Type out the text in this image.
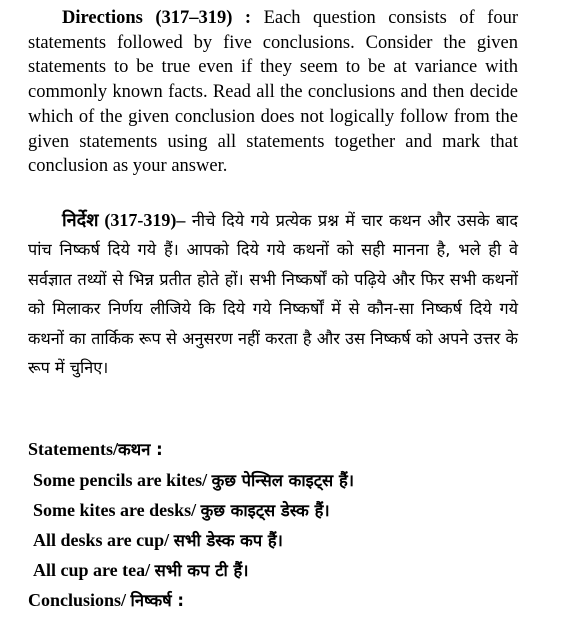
Directions (317–319) : Each question consists of four statements followed by five conclusions. Consider the given statements to be true even if they seem to be at variance with commonly known facts. Read all the conclusions and then decide which of the given conclusion does not logically follow from the given statements using all statements together and mark that conclusion as your answer.
निर्देश (317-319)– नीचे दिये गये प्रत्येक प्रश्न में चार कथन और उसके बाद पांच निष्कर्ष दिये गये हैं। आपको दिये गये कथनों को सही मानना है, भले ही वे सर्वज्ञात तथ्यों से भिन्न प्रतीत होते हों। सभी निष्कर्षों को पढ़िये और फिर सभी कथनों को मिलाकर निर्णय लीजिये कि दिये गये निष्कर्षों में से कौन-सा निष्कर्ष दिये गये कथनों का तार्किक रूप से अनुसरण नहीं करता है और उस निष्कर्ष को अपने उत्तर के रूप में चुनिए।
Statements/कथन :
Some pencils are kites/ कुछ पेन्सिल काइट्स हैं।
Some kites are desks/ कुछ काइट्स डेस्क हैं।
All desks are cup/ सभी डेस्क कप हैं।
All cup are tea/ सभी कप टी हैं।
Conclusions/ निष्कर्ष :
